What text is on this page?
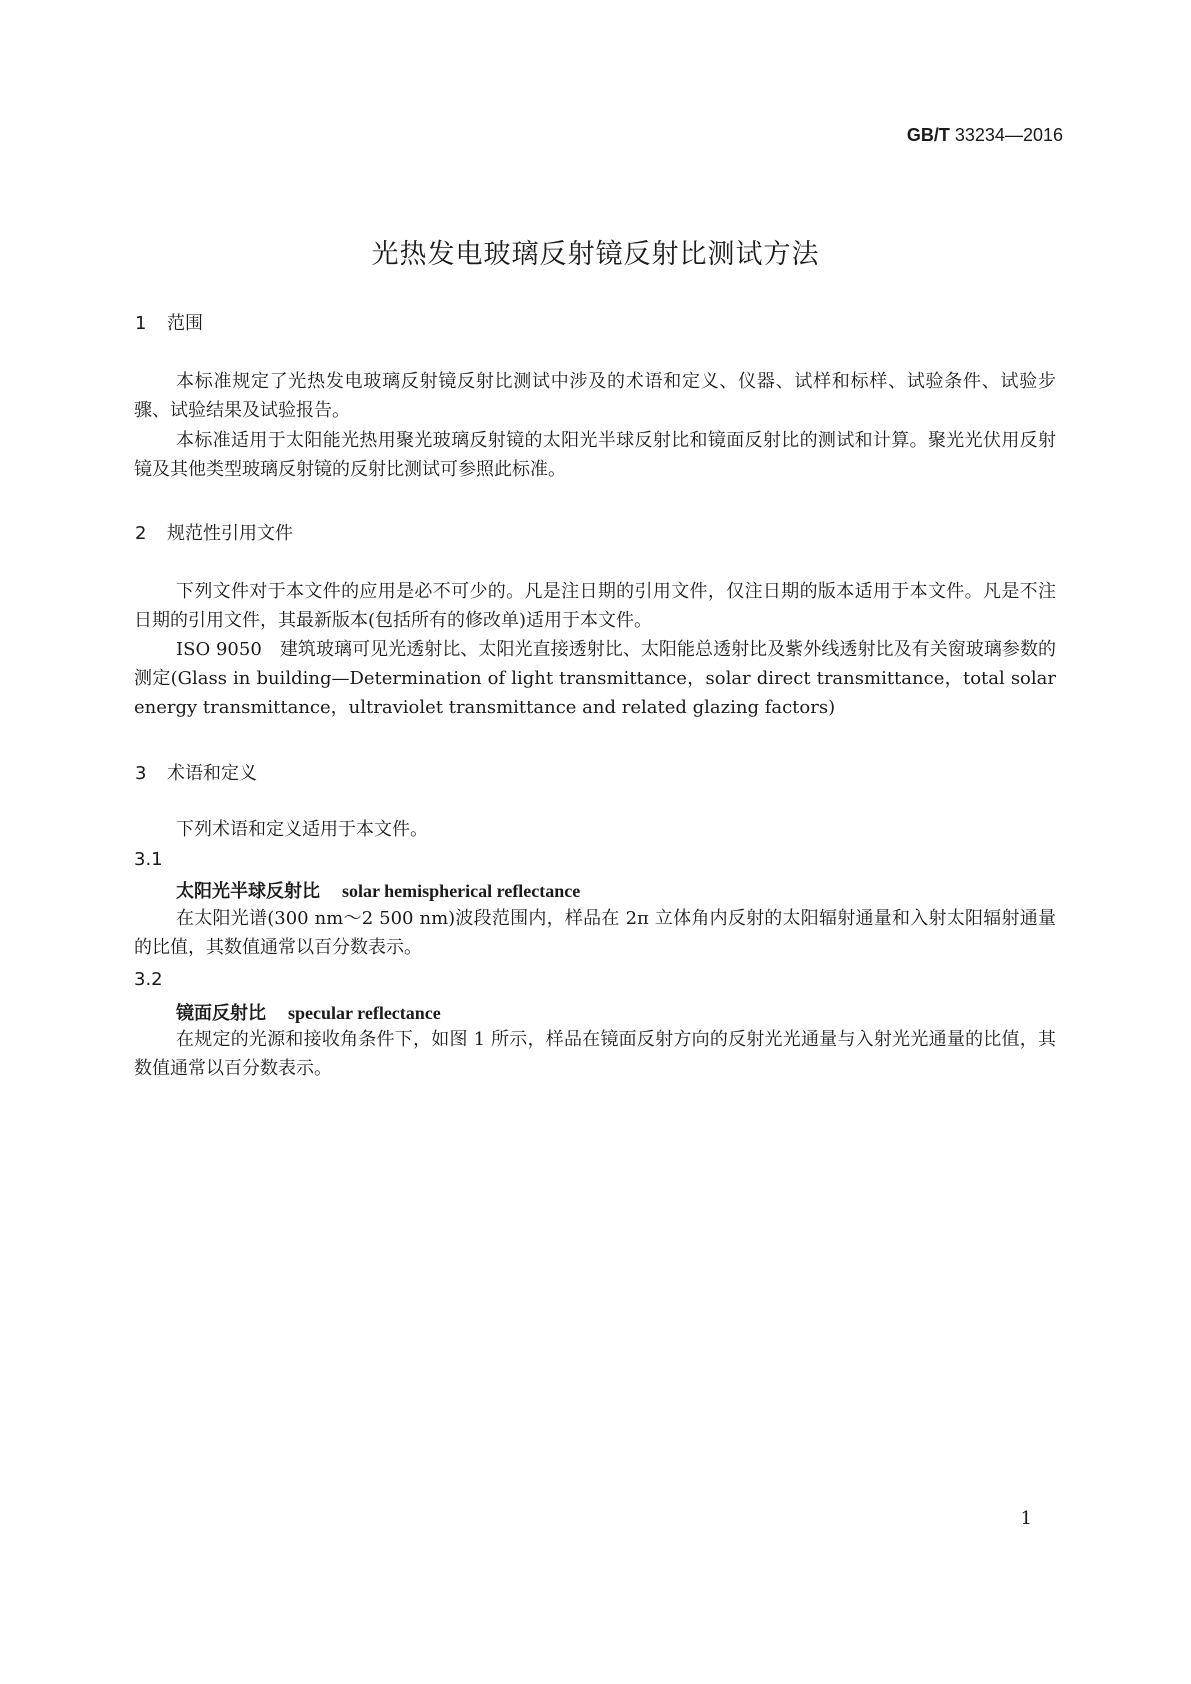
GB/T 33234—2016
光热发电玻璃反射镜反射比测试方法
1 范围

本标准规定了光热发电玻璃反射镜反射比测试中涉及的术语和定义、仪器、试样和标样、试验条件、试验步骤、试验结果及试验报告。

本标准适用于太阳能光热用聚光玻璃反射镜的太阳光半球反射比和镜面反射比的测试和计算。聚光光伏用反射镜及其他类型玻璃反射镜的反射比测试可参照此标准。

2 规范性引用文件

下列文件对于本文件的应用是必不可少的。凡是注日期的引用文件，仅注日期的版本适用于本文件。凡是不注日期的引用文件，其最新版本(包括所有的修改单)适用于本文件。

ISO 9050　建筑玻璃可见光透射比、太阳光直接透射比、太阳能总透射比及紫外线透射比及有关窗玻璃参数的测定(Glass in building—Determination of light transmittance，solar direct transmittance，total solar energy transmittance，ultraviolet transmittance and related glazing factors)

3 术语和定义

下列术语和定义适用于本文件。

3.1
太阳光半球反射比 solar hemispherical reflectance

在太阳光谱(300 nm～2 500 nm)波段范围内，样品在 2π 立体角内反射的太阳辐射通量和入射太阳辐射通量的比值，其数值通常以百分数表示。

3.2
镜面反射比 specular reflectance

在规定的光源和接收角条件下，如图 1 所示，样品在镜面反射方向的反射光光通量与入射光光通量的比值，其数值通常以百分数表示。

1
